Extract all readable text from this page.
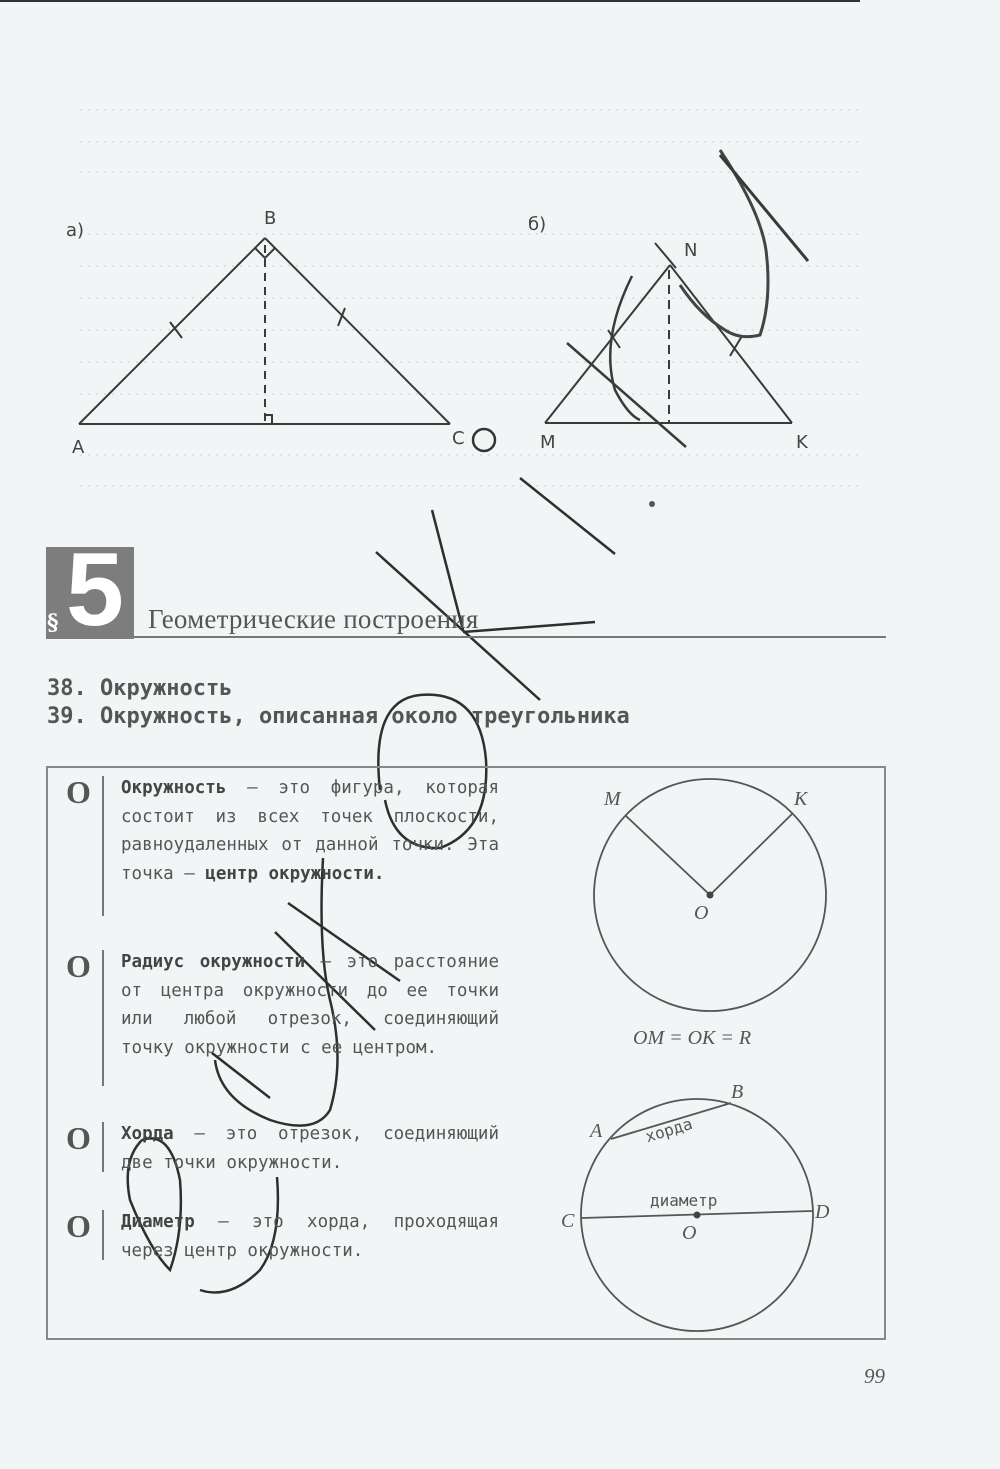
а)
A
B
C
б)
M
N
K
5
§	Геометрические построения
38. Окружность
39. Окружность, описанная около треугольника
О Окружность — это фигура, которая состоит из всех точек плоскости, равноудаленных от данной точки. Эта точка — центр окружности.
О Радиус окружности — это расстояние от центра окружности до ее точки или любой отрезок, соединяющий точку окружности с ее центром.
О Хорда — это отрезок, соединяющий две точки окружности.
О Диаметр — это хорда, проходящая через центр окружности.
M	K
O
OM = OK = R
A
B
C	D
O
хорда
диаметр
99
